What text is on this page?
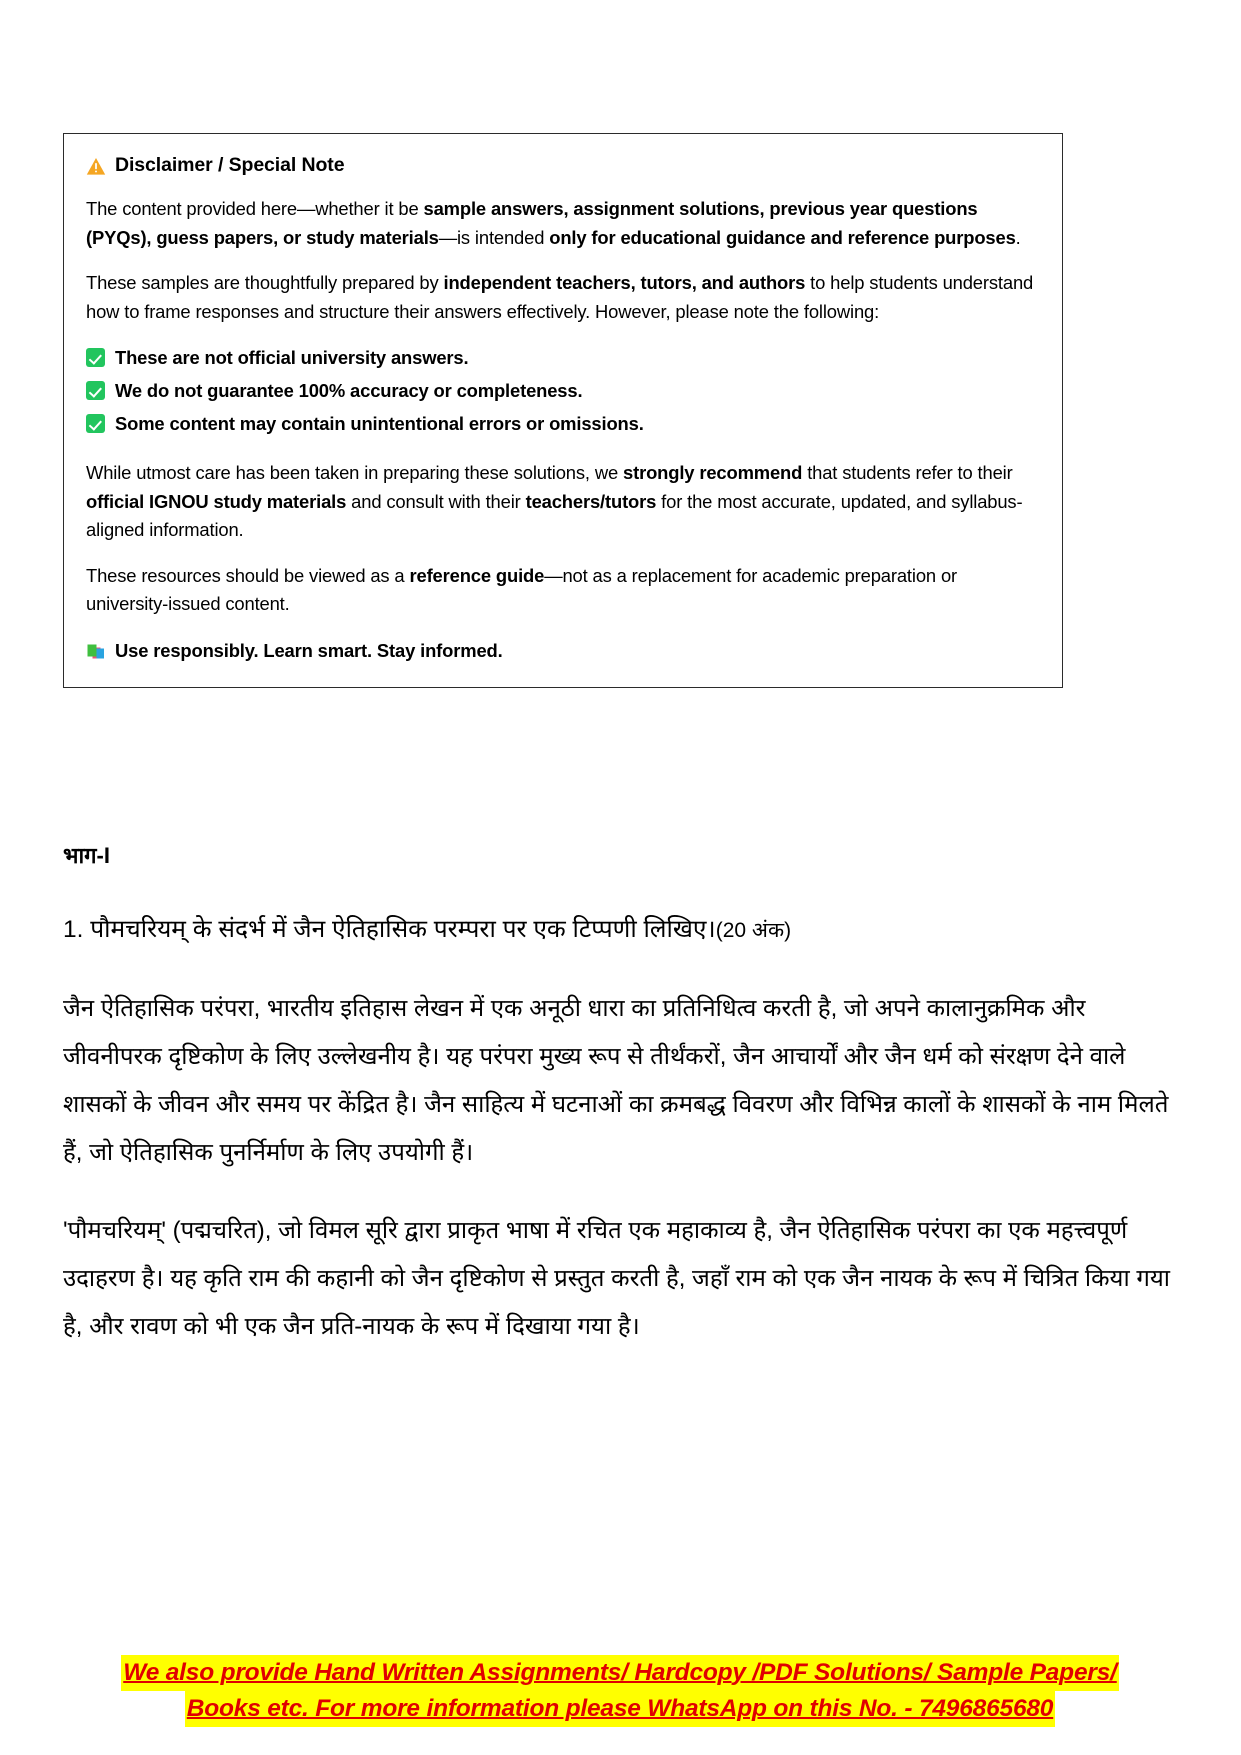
Disclaimer / Special Note

The content provided here—whether it be sample answers, assignment solutions, previous year questions (PYQs), guess papers, or study materials—is intended only for educational guidance and reference purposes.

These samples are thoughtfully prepared by independent teachers, tutors, and authors to help students understand how to frame responses and structure their answers effectively. However, please note the following:

These are not official university answers.
We do not guarantee 100% accuracy or completeness.
Some content may contain unintentional errors or omissions.

While utmost care has been taken in preparing these solutions, we strongly recommend that students refer to their official IGNOU study materials and consult with their teachers/tutors for the most accurate, updated, and syllabus-aligned information.

These resources should be viewed as a reference guide—not as a replacement for academic preparation or university-issued content.

Use responsibly. Learn smart. Stay informed.
भाग-I
1. पौमचरियम् के संदर्भ में जैन ऐतिहासिक परम्परा पर एक टिप्पणी लिखिए।(20 अंक)

जैन ऐतिहासिक परंपरा, भारतीय इतिहास लेखन में एक अनूठी धारा का प्रतिनिधित्व करती है, जो अपने कालानुक्रमिक और जीवनीपरक दृष्टिकोण के लिए उल्लेखनीय है। यह परंपरा मुख्य रूप से तीर्थंकरों, जैन आचार्यों और जैन धर्म को संरक्षण देने वाले शासकों के जीवन और समय पर केंद्रित है। जैन साहित्य में घटनाओं का क्रमबद्ध विवरण और विभिन्न कालों के शासकों के नाम मिलते हैं, जो ऐतिहासिक पुनर्निर्माण के लिए उपयोगी हैं।

'पौमचरियम्' (पद्मचरित), जो विमल सूरि द्वारा प्राकृत भाषा में रचित एक महाकाव्य है, जैन ऐतिहासिक परंपरा का एक महत्त्वपूर्ण उदाहरण है। यह कृति राम की कहानी को जैन दृष्टिकोण से प्रस्तुत करती है, जहाँ राम को एक जैन नायक के रूप में चित्रित किया गया है, और रावण को भी एक जैन प्रति-नायक के रूप में दिखाया गया है।

We also provide Hand Written Assignments/ Hardcopy /PDF Solutions/ Sample Papers/
Books etc. For more information please WhatsApp on this No. - 7496865680
